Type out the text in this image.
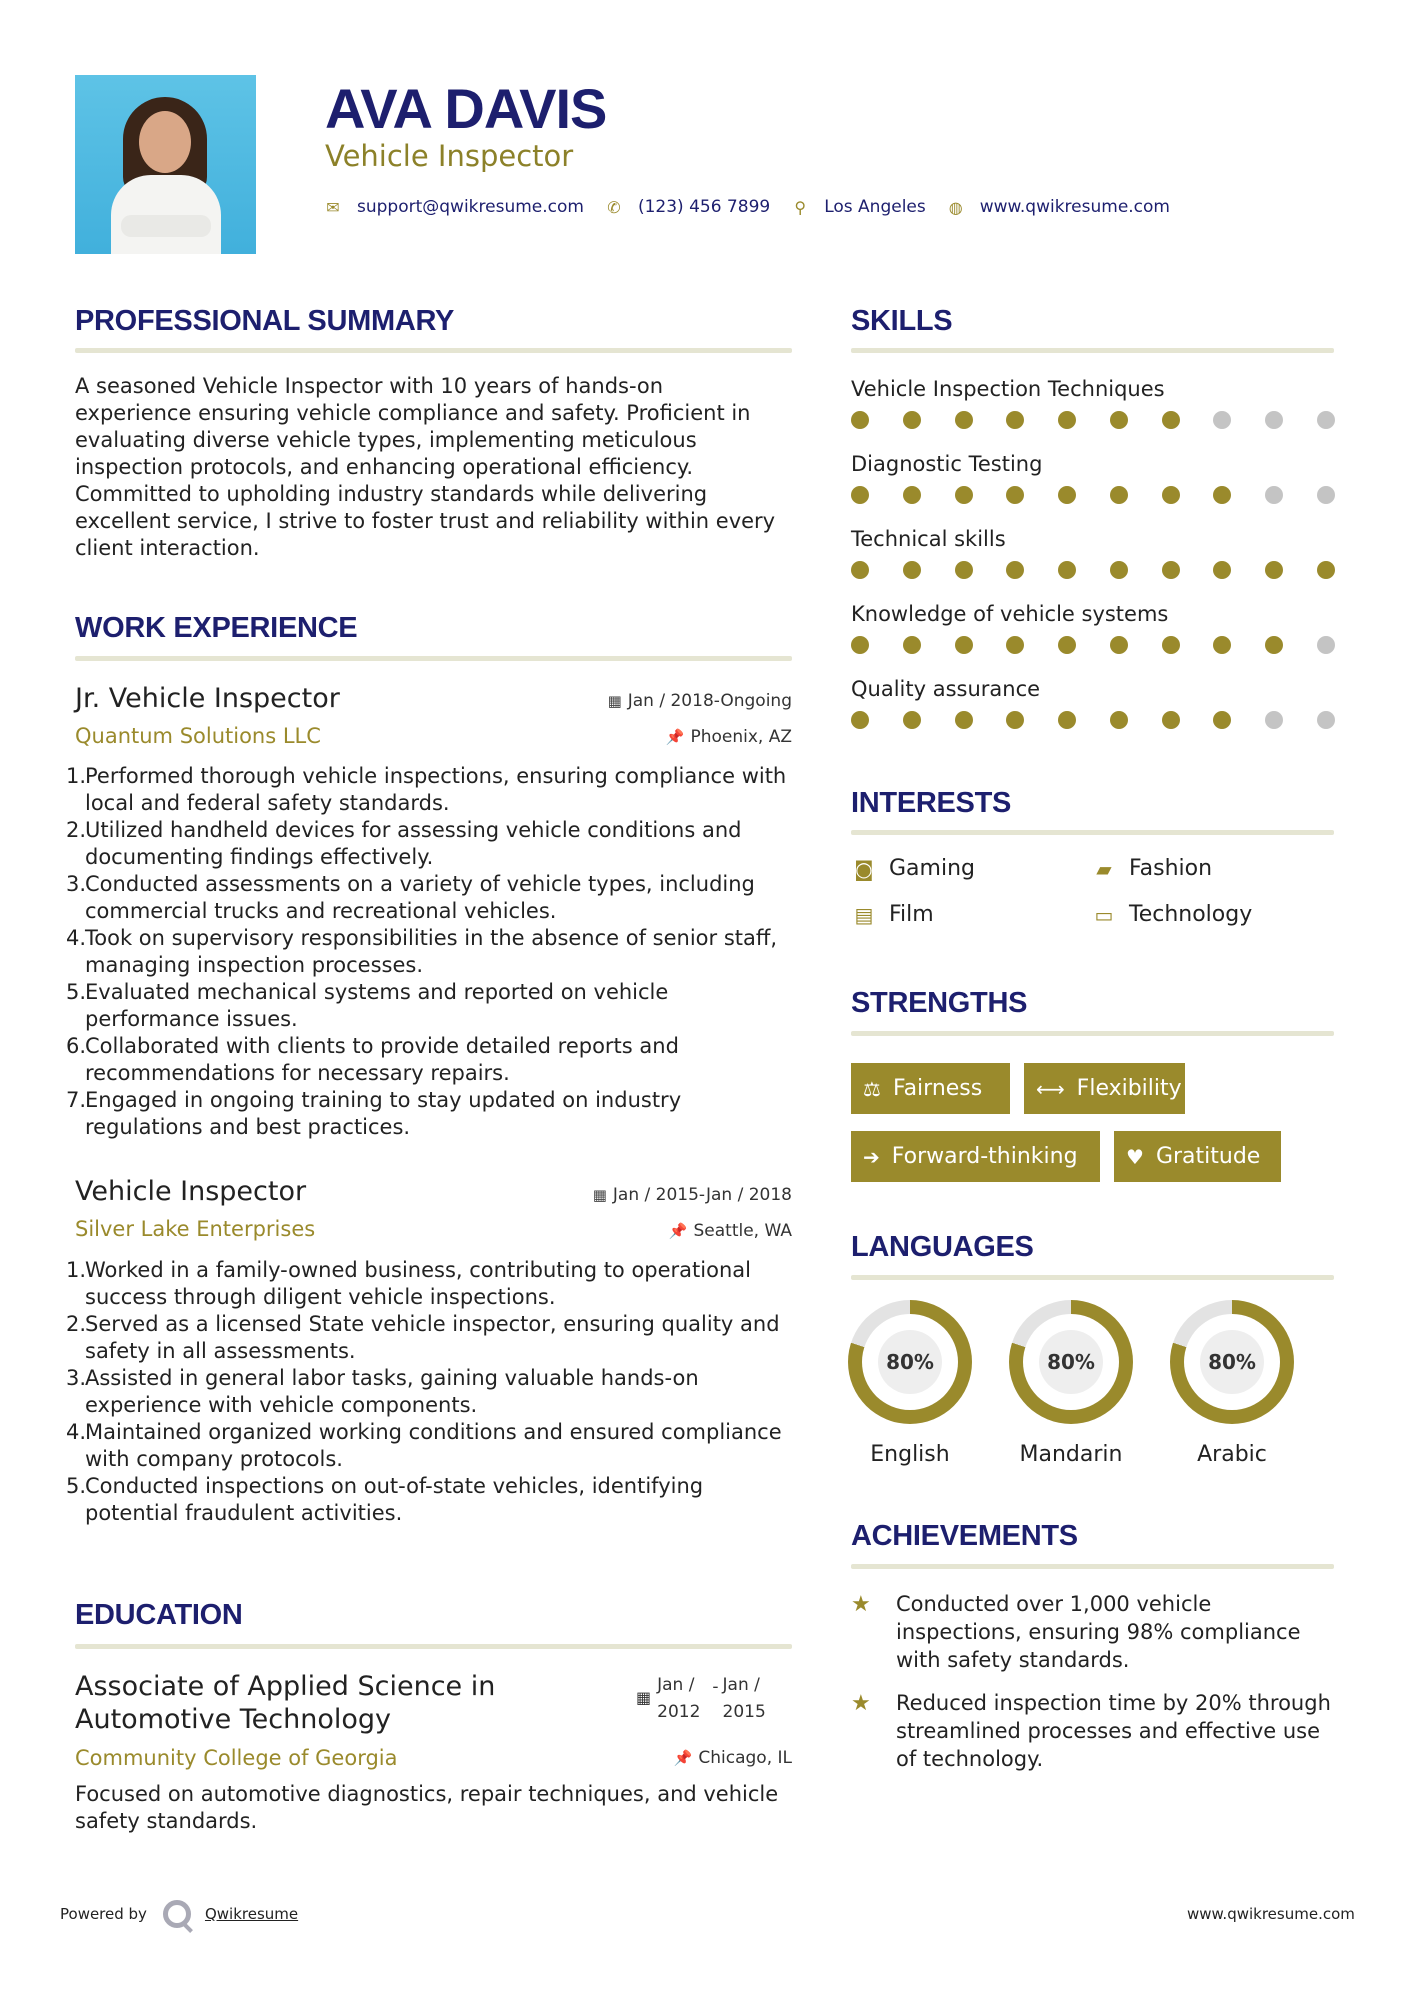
AVA DAVIS
Vehicle Inspector
✉ support@qwikresume.com ✆ (123) 456 7899 ⚲ Los Angeles ◍ www.qwikresume.com
PROFESSIONAL SUMMARY
A seasoned Vehicle Inspector with 10 years of hands-on experience ensuring vehicle compliance and safety. Proficient in evaluating diverse vehicle types, implementing meticulous inspection protocols, and enhancing operational efficiency. Committed to upholding industry standards while delivering excellent service, I strive to foster trust and reliability within every client interaction.
WORK EXPERIENCE
Jr. Vehicle Inspector	▦ Jan / 2018-Ongoing
Quantum Solutions LLC	📌 Phoenix, AZ
1.Performed thorough vehicle inspections, ensuring compliance with local and federal safety standards.
2.Utilized handheld devices for assessing vehicle conditions and documenting findings effectively.
3.Conducted assessments on a variety of vehicle types, including commercial trucks and recreational vehicles.
4.Took on supervisory responsibilities in the absence of senior staff, managing inspection processes.
5.Evaluated mechanical systems and reported on vehicle performance issues.
6.Collaborated with clients to provide detailed reports and recommendations for necessary repairs.
7.Engaged in ongoing training to stay updated on industry regulations and best practices.
Vehicle Inspector	▦ Jan / 2015-Jan / 2018
Silver Lake Enterprises	📌 Seattle, WA
1.Worked in a family-owned business, contributing to operational success through diligent vehicle inspections.
2.Served as a licensed State vehicle inspector, ensuring quality and safety in all assessments.
3.Assisted in general labor tasks, gaining valuable hands-on experience with vehicle components.
4.Maintained organized working conditions and ensured compliance with company protocols.
5.Conducted inspections on out-of-state vehicles, identifying potential fraudulent activities.
EDUCATION
Associate of Applied Science in
Automotive Technology
▦
Jan /
2012
- Jan /
2015
Community College of Georgia	📌 Chicago, IL
Focused on automotive diagnostics, repair techniques, and vehicle safety standards.
SKILLS
Vehicle Inspection Techniques
Diagnostic Testing
Technical skills
Knowledge of vehicle systems
Quality assurance
INTERESTS
◙ Gaming	▰ Fashion
▤ Film	▭ Technology
STRENGTHS
⚖ Fairness	⟷ Flexibility
➔ Forward-thinking ♥ Gratitude
LANGUAGES
80%
English
80%
Mandarin
80%
Arabic
ACHIEVEMENTS
★	Conducted over 1,000 vehicle inspections, ensuring 98% compliance with safety standards.
★	Reduced inspection time by 20% through streamlined processes and effective use of technology.
Powered by	Qwikresume	www.qwikresume.com
